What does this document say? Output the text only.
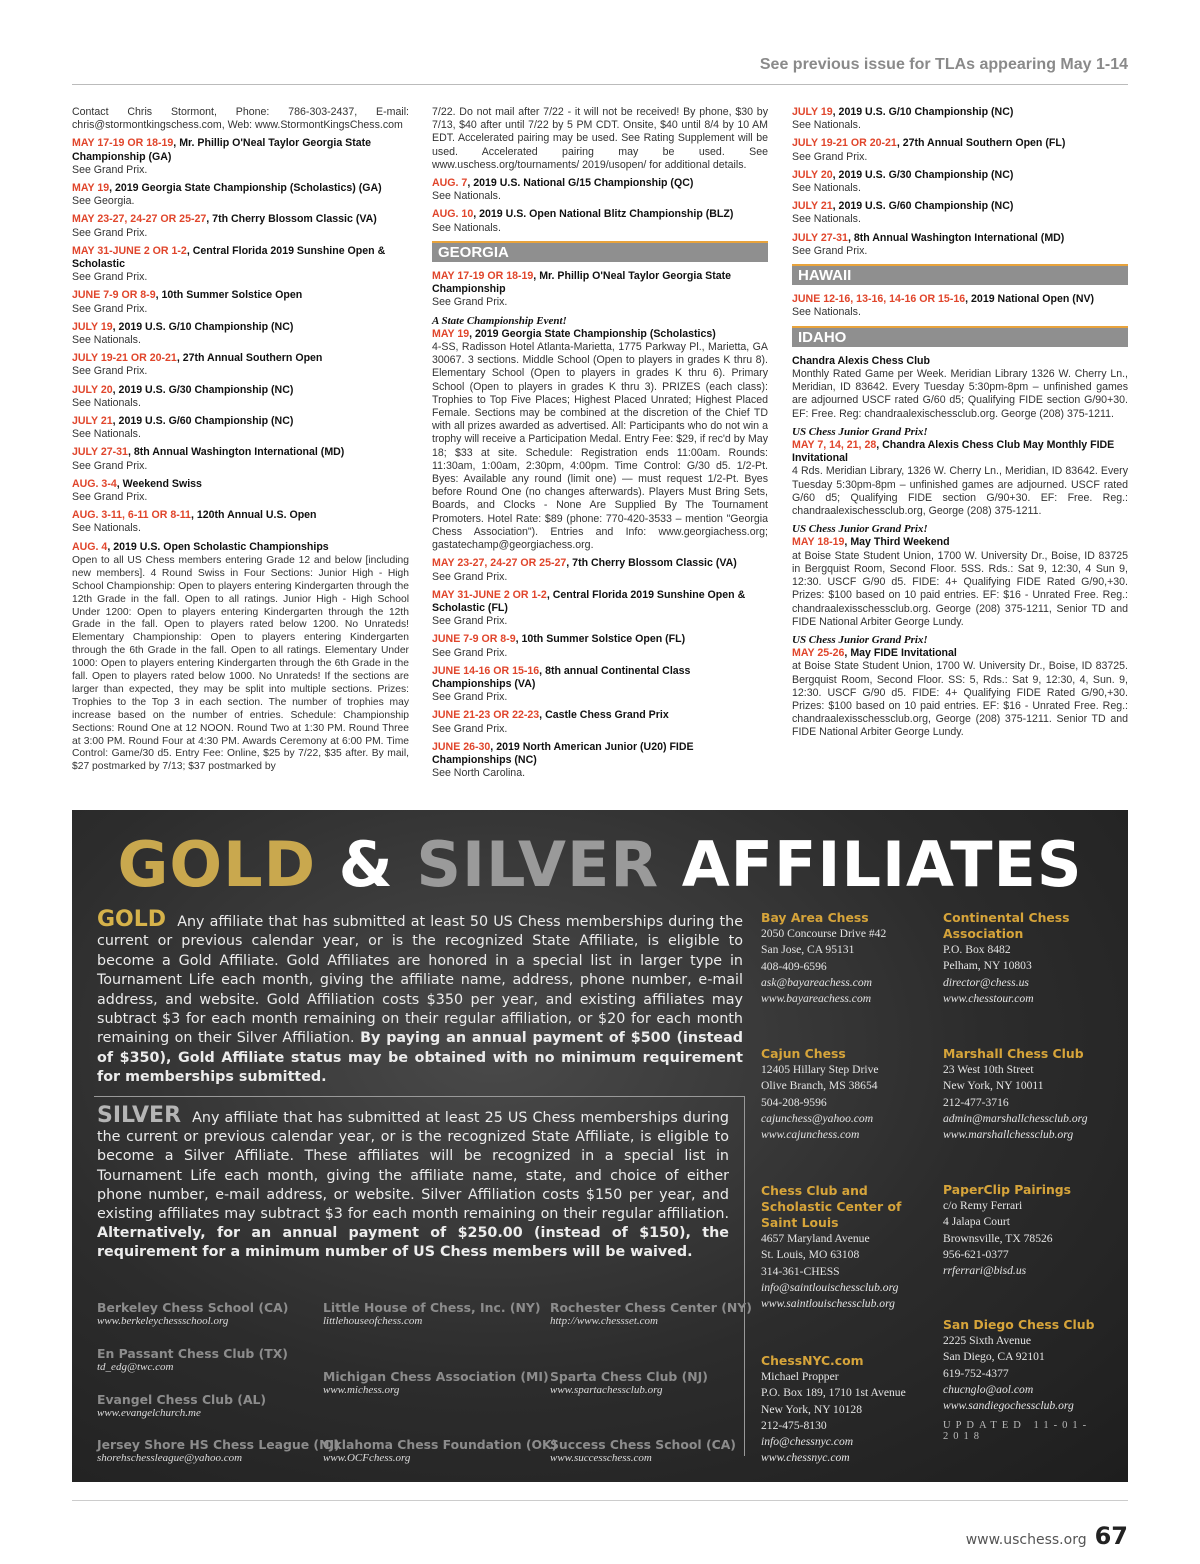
See previous issue for TLAs appearing May 1-14
Contact Chris Stormont, Phone: 786-303-2437, E-mail: chris@stormontkingschess.com, Web: www.StormontKingsChess.com
MAY 17-19 OR 18-19, Mr. Phillip O'Neal Taylor Georgia State Championship (GA)
See Grand Prix.
MAY 19, 2019 Georgia State Championship (Scholastics) (GA)
See Georgia.
MAY 23-27, 24-27 OR 25-27, 7th Cherry Blossom Classic (VA)
See Grand Prix.
MAY 31-JUNE 2 OR 1-2, Central Florida 2019 Sunshine Open & Scholastic
See Grand Prix.
JUNE 7-9 OR 8-9, 10th Summer Solstice Open
See Grand Prix.
JULY 19, 2019 U.S. G/10 Championship (NC)
See Nationals.
JULY 19-21 OR 20-21, 27th Annual Southern Open
See Grand Prix.
JULY 20, 2019 U.S. G/30 Championship (NC)
See Nationals.
JULY 21, 2019 U.S. G/60 Championship (NC)
See Nationals.
JULY 27-31, 8th Annual Washington International (MD)
See Grand Prix.
AUG. 3-4, Weekend Swiss
See Grand Prix.
AUG. 3-11, 6-11 OR 8-11, 120th Annual U.S. Open
See Nationals.
AUG. 4, 2019 U.S. Open Scholastic Championships
Open to all US Chess members entering Grade 12 and below [including new members]. 4 Round Swiss in Four Sections: Junior High - High School Championship: Open to players entering Kindergarten through the 12th Grade in the fall. Open to all ratings. Junior High - High School Under 1200: Open to players entering Kindergarten through the 12th Grade in the fall. Open to players rated below 1200. No Unrateds! Elementary Championship: Open to players entering Kindergarten through the 6th Grade in the fall. Open to all ratings. Elementary Under 1000: Open to players entering Kindergarten through the 6th Grade in the fall. Open to players rated below 1000. No Unrateds! If the sections are larger than expected, they may be split into multiple sections. Prizes: Trophies to the Top 3 in each section. The number of trophies may increase based on the number of entries. Schedule: Championship Sections: Round One at 12 NOON. Round Two at 1:30 PM. Round Three at 3:00 PM. Round Four at 4:30 PM. Awards Ceremony at 6:00 PM. Time Control: Game/30 d5. Entry Fee: Online, $25 by 7/22, $35 after. By mail, $27 postmarked by 7/13; $37 postmarked by
7/22. Do not mail after 7/22 - it will not be received! By phone, $30 by 7/13, $40 after until 7/22 by 5 PM CDT. Onsite, $40 until 8/4 by 10 AM EDT. Accelerated pairing may be used. See Rating Supplement will be used. Accelerated pairing may be used. See www.uschess.org/tournaments/ 2019/usopen/ for additional details.
AUG. 7, 2019 U.S. National G/15 Championship (QC)
See Nationals.
AUG. 10, 2019 U.S. Open National Blitz Championship (BLZ)
See Nationals.
GEORGIA
MAY 17-19 OR 18-19, Mr. Phillip O'Neal Taylor Georgia State Championship
See Grand Prix.
A State Championship Event!
MAY 19, 2019 Georgia State Championship (Scholastics)
4-SS, Radisson Hotel Atlanta-Marietta, 1775 Parkway Pl., Marietta, GA 30067. 3 sections. Middle School (Open to players in grades K thru 8). Elementary School (Open to players in grades K thru 6). Primary School (Open to players in grades K thru 3). PRIZES (each class): Trophies to Top Five Places; Highest Placed Unrated; Highest Placed Female. Sections may be combined at the discretion of the Chief TD with all prizes awarded as advertised. All: Participants who do not win a trophy will receive a Participation Medal. Entry Fee: $29, if rec'd by May 18; $33 at site. Schedule: Registration ends 11:00am. Rounds: 11:30am, 1:00am, 2:30pm, 4:00pm. Time Control: G/30 d5. 1/2-Pt. Byes: Available any round (limit one) — must request 1/2-Pt. Byes before Round One (no changes afterwards). Players Must Bring Sets, Boards, and Clocks - None Are Supplied By The Tournament Promoters. Hotel Rate: $89 (phone: 770-420-3533 – mention "Georgia Chess Association"). Entries and Info: www.georgiachess.org; gastatechamp@georgiachess.org.
MAY 23-27, 24-27 OR 25-27, 7th Cherry Blossom Classic (VA)
See Grand Prix.
MAY 31-JUNE 2 OR 1-2, Central Florida 2019 Sunshine Open & Scholastic (FL)
See Grand Prix.
JUNE 7-9 OR 8-9, 10th Summer Solstice Open (FL)
See Grand Prix.
JUNE 14-16 OR 15-16, 8th annual Continental Class Championships (VA)
See Grand Prix.
JUNE 21-23 OR 22-23, Castle Chess Grand Prix
See Grand Prix.
JUNE 26-30, 2019 North American Junior (U20) FIDE Championships (NC)
See North Carolina.
JULY 19, 2019 U.S. G/10 Championship (NC)
See Nationals.
JULY 19-21 OR 20-21, 27th Annual Southern Open (FL)
See Grand Prix.
JULY 20, 2019 U.S. G/30 Championship (NC)
See Nationals.
JULY 21, 2019 U.S. G/60 Championship (NC)
See Nationals.
JULY 27-31, 8th Annual Washington International (MD)
See Grand Prix.
HAWAII
JUNE 12-16, 13-16, 14-16 OR 15-16, 2019 National Open (NV)
See Nationals.
IDAHO
Chandra Alexis Chess Club
Monthly Rated Game per Week. Meridian Library 1326 W. Cherry Ln., Meridian, ID 83642. Every Tuesday 5:30pm-8pm – unfinished games are adjourned USCF rated G/60 d5; Qualifying FIDE section G/90+30. EF: Free. Reg: chandraalexischessclub.org. George (208) 375-1211.
US Chess Junior Grand Prix!
MAY 7, 14, 21, 28, Chandra Alexis Chess Club May Monthly FIDE Invitational
4 Rds. Meridian Library, 1326 W. Cherry Ln., Meridian, ID 83642. Every Tuesday 5:30pm-8pm – unfinished games are adjourned. USCF rated G/60 d5; Qualifying FIDE section G/90+30. EF: Free. Reg.: chandraalexischessclub.org, George (208) 375-1211.
US Chess Junior Grand Prix!
MAY 18-19, May Third Weekend
at Boise State Student Union, 1700 W. University Dr., Boise, ID 83725 in Bergquist Room, Second Floor. 5SS. Rds.: Sat 9, 12:30, 4 Sun 9, 12:30. USCF G/90 d5. FIDE: 4+ Qualifying FIDE Rated G/90,+30. Prizes: $100 based on 10 paid entries. EF: $16 - Unrated Free. Reg.: chandraalexisschessclub.org. George (208) 375-1211, Senior TD and FIDE National Arbiter George Lundy.
US Chess Junior Grand Prix!
MAY 25-26, May FIDE Invitational
at Boise State Student Union, 1700 W. University Dr., Boise, ID 83725. Bergquist Room, Second Floor. SS: 5, Rds.: Sat 9, 12:30, 4, Sun. 9, 12:30. USCF G/90 d5. FIDE: 4+ Qualifying FIDE Rated G/90,+30. Prizes: $100 based on 10 paid entries. EF: $16 - Unrated Free. Reg.: chandraalexisschessclub.org, George (208) 375-1211. Senior TD and FIDE National Arbiter George Lundy.
GOLD & SILVER AFFILIATES
GOLD Any affiliate that has submitted at least 50 US Chess memberships during the current or previous calendar year, or is the recognized State Affiliate, is eligible to become a Gold Affiliate. Gold Affiliates are honored in a special list in larger type in Tournament Life each month, giving the affiliate name, address, phone number, e-mail address, and website. Gold Affiliation costs $350 per year, and existing affiliates may subtract $3 for each month remaining on their regular affiliation, or $20 for each month remaining on their Silver Affiliation. By paying an annual payment of $500 (instead of $350), Gold Affiliate status may be obtained with no minimum requirement for memberships submitted.
SILVER Any affiliate that has submitted at least 25 US Chess memberships during the current or previous calendar year, or is the recognized State Affiliate, is eligible to become a Silver Affiliate. These affiliates will be recognized in a special list in Tournament Life each month, giving the affiliate name, state, and choice of either phone number, e-mail address, or website. Silver Affiliation costs $150 per year, and existing affiliates may subtract $3 for each month remaining on their regular affiliation. Alternatively, for an annual payment of $250.00 (instead of $150), the requirement for a minimum number of US Chess members will be waived.
Berkeley Chess School (CA)
www.berkeleychessschool.org
Little House of Chess, Inc. (NY)
littlehouseofchess.com
Rochester Chess Center (NY)
http://www.chessset.com
En Passant Chess Club (TX)
td_edg@twc.com
Michigan Chess Association (MI)
www.michess.org
Sparta Chess Club (NJ)
www.spartachessclub.org
Evangel Chess Club (AL)
www.evangelchurch.me
Jersey Shore HS Chess League (NJ)
shorehschessleague@yahoo.com
Oklahoma Chess Foundation (OK)
www.OCFchess.org
Success Chess School (CA)
www.successchess.com
Bay Area Chess
2050 Concourse Drive #42
San Jose, CA 95131
408-409-6596
ask@bayareachess.com
www.bayareachess.com
Continental Chess Association
P.O. Box 8482
Pelham, NY 10803
director@chess.us
www.chesstour.com
Cajun Chess
12405 Hillary Step Drive
Olive Branch, MS 38654
504-208-9596
cajunchess@yahoo.com
www.cajunchess.com
Marshall Chess Club
23 West 10th Street
New York, NY 10011
212-477-3716
admin@marshallchessclub.org
www.marshallchessclub.org
Chess Club and Scholastic Center of Saint Louis
4657 Maryland Avenue
St. Louis, MO 63108
314-361-CHESS
info@saintlouischessclub.org
www.saintlouischessclub.org
PaperClip Pairings
c/o Remy Ferrari
4 Jalapa Court
Brownsville, TX 78526
956-621-0377
rrferrari@bisd.us
ChessNYC.com
Michael Propper
P.O. Box 189, 1710 1st Avenue
New York, NY 10128
212-475-8130
info@chessnyc.com
www.chessnyc.com
San Diego Chess Club
2225 Sixth Avenue
San Diego, CA 92101
619-752-4377
chucnglo@aol.com
www.sandiegochessclub.org
UPDATED 11-01-2018
www.uschess.org 67
